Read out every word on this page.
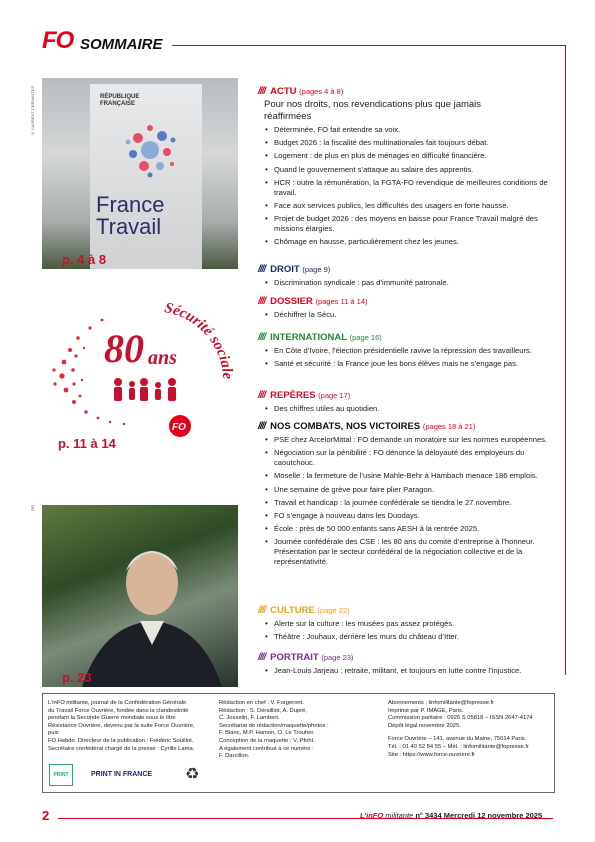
FO SOMMAIRE
© LAURENT CERVANTES	RÉPUBLIQUE FRANÇAISE
France Travail
p. 4 à 8
80 ans
Sécurité sociale
FO
p. 11 à 14
DR
p. 23
//// ACTU (pages 4 à 8)
Pour nos droits, nos revendications plus que jamais réaffirmées
• Déterminée, FO fait entendre sa voix.
• Budget 2026 : la fiscalité des multinationales fait toujours débat.
• Logement : de plus en plus de ménages en difficulté financière.
• Quand le gouvernement s’attaque au salaire des apprentis.
• HCR : outre la rémunération, la FGTA-FO revendique de meilleures conditions de travail.
• Face aux services publics, les difficultés des usagers en forte hausse.
• Projet de budget 2026 : des moyens en baisse pour France Travail malgré des missions élargies.
• Chômage en hausse, particulièrement chez les jeunes.
//// DROIT (page 9)
• Discrimination syndicale : pas d’immunité patronale.
//// DOSSIER (pages 11 à 14)
• Déchiffrer la Sécu.
//// INTERNATIONAL (page 16)
• En Côte d’Ivoire, l’élection présidentielle ravive la répression des travailleurs.
• Santé et sécurité : la France joue les bons élèves mais ne s’engage pas.
//// REPÈRES (page 17)
• Des chiffres utiles au quotidien.
//// NOS COMBATS, NOS VICTOIRES (pages 18 à 21)
• PSE chez ArcelorMittal : FO demande un moratoire sur les normes européennes.
• Négociation sur la pénibilité : FO dénonce la déloyauté des employeurs du caoutchouc.
• Moselle : la fermeture de l’usine Mahle-Behr à Hambach menace 186 emplois.
• Une semaine de grève pour faire plier Paragon.
• Travail et handicap : la journée confédérale se tiendra le 27 novembre.
• FO s’engage à nouveau dans les Duodays.
• École : près de 50 000 enfants sans AESH à la rentrée 2025.
• Journée confédérale des CSE : les 80 ans du comité d’entreprise à l’honneur. Présentation par le secteur confédéral de la négociation collective et de la représentativité.
//// CULTURE (page 22)
• Alerte sur la culture : les musées pas assez protégés.
• Théâtre : Jouhaux, derrière les murs du château d’Itter.
//// PORTRAIT (page 23)
• Jean-Louis Jarjeau : retraite, militant, et toujours en lutte contre l’injustice.

L’inFO militante, journal de la Confédération Générale

du Travail Force Ouvrière, fondée dans la clandestinité

pendant la Seconde Guerre mondiale sous le titre

Résistance Ouvrière, devenu par la suite Force Ouvrière, puis

FO Hebdo. Directeur de la publication : Frédéric Souillot.

Secrétaire confédéral chargé de la presse : Cyrille Lama.

PRINT	PRINT IN FRANCE ♻

Rédaction en chef : V. Forgeront.

Rédaction : S. Dérailliot, A. Dupré,

C. Josselin, F. Lambert.

Secrétariat de rédaction/maquette/photos :

F. Blanc, M.P. Hamon, O. Le Trouher.

Conception de la maquette : V. Pfohl.

A également contribué à ce numéro :

F. Darcillon.

Abonnements : linfomilitante@fopresse.fr

Imprimé par P. IMAGE, Paris.

Commission paritaire : 0926 S 05818 – ISSN 2647-4174

Dépôt légal novembre 2025.

Force Ouvrière – 141, avenue du Maine, 75014 Paris.

Tél. : 01 40 52 84 55 – Mél. : linfomilitante@fopresse.fr

Site : https://www.force-ouvriere.fr

2	L’inFO militante n° 3434 Mercredi 12 novembre 2025
